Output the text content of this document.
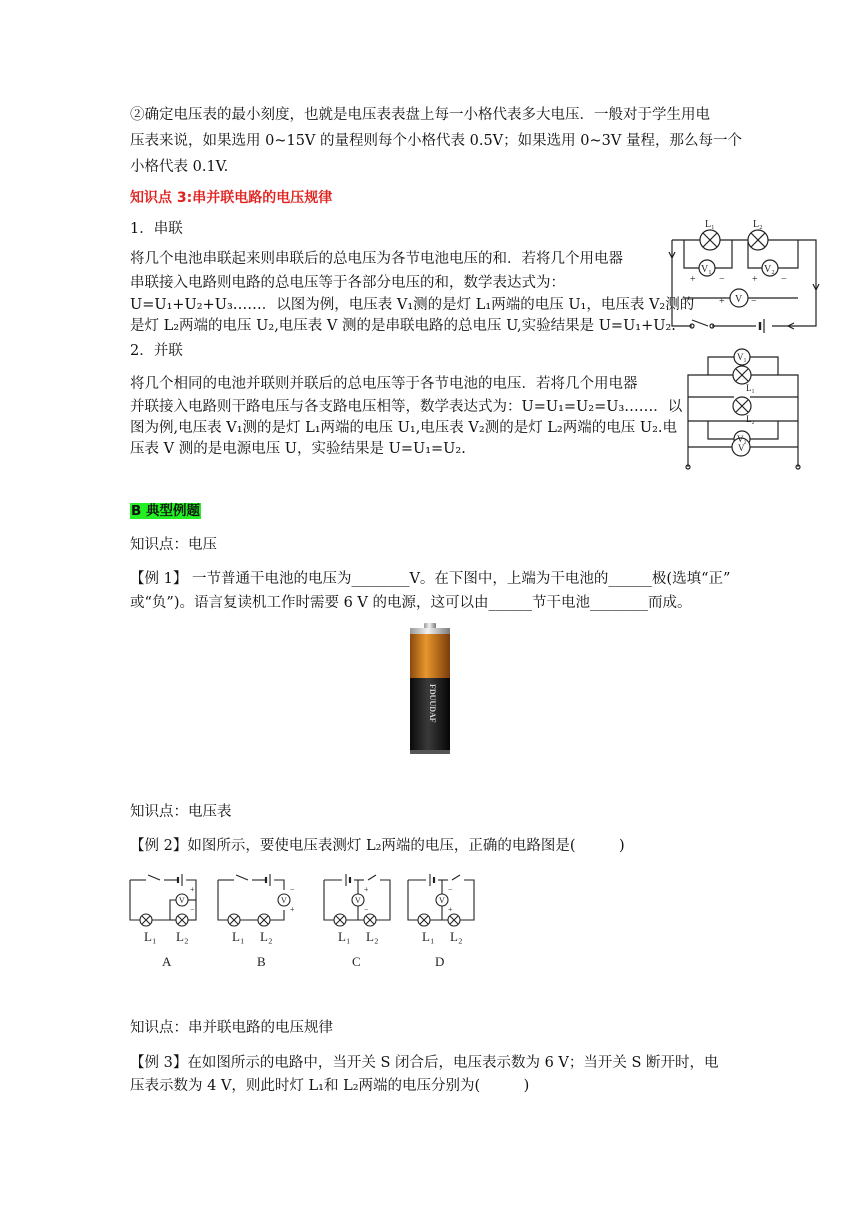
②确定电压表的最小刻度，也就是电压表表盘上每一小格代表多大电压．一般对于学生用电

压表来说，如果选用 0~15V 的量程则每个小格代表 0.5V；如果选用 0~3V 量程，那么每一个

小格代表 0.1V.

知识点 3:串并联电路的电压规律

1．串联

将几个电池串联起来则串联后的总电压为各节电池电压的和．若将几个用电器

串联接入电路则电路的总电压等于各部分电压的和，数学表达式为：

U=U₁+U₂+U₃……．以图为例，电压表 V₁测的是灯 L₁两端的电压 U₁，电压表 V₂测的

是灯 L₂两端的电压 U₂,电压表 V 测的是串联电路的总电压 U,实验结果是 U=U₁+U₂.

L₁	L₂
V₁	V₂
V
+ −	+ −
+	−

2．并联

将几个相同的电池并联则并联后的总电压等于各节电池的电压．若将几个用电器

并联接入电路则干路电压与各支路电压相等，数学表达式为：U=U₁=U₂=U₃……．以

图为例,电压表 V₁测的是灯 L₁两端的电压 U₁,电压表 V₂测的是灯 L₂两端的电压 U₂.电

压表 V 测的是电源电压 U，实验结果是 U=U₁=U₂.

V₁
L₁
L₂
V₂
V

B 典型例题

知识点：电压

【例 1】 一节普通干电池的电压为________V。在下图中，上端为干电池的______极(选填“正”

或“负”)。语言复读机工作时需要 6 V 的电源，这可以由______节干电池________而成。

FDUUDAF

知识点：电压表

【例 2】如图所示，要使电压表测灯 L₂两端的电压，正确的电路图是(　　　)

V	V	V	V
+
−
−
+
+
−
−
+
L₁ L₂	L₁ L₂	L₁ L₂	L₁ L₂
A	B	C	D

知识点：串并联电路的电压规律

【例 3】在如图所示的电路中，当开关 S 闭合后，电压表示数为 6 V；当开关 S 断开时，电

压表示数为 4 V，则此时灯 L₁和 L₂两端的电压分别为(　　　)
